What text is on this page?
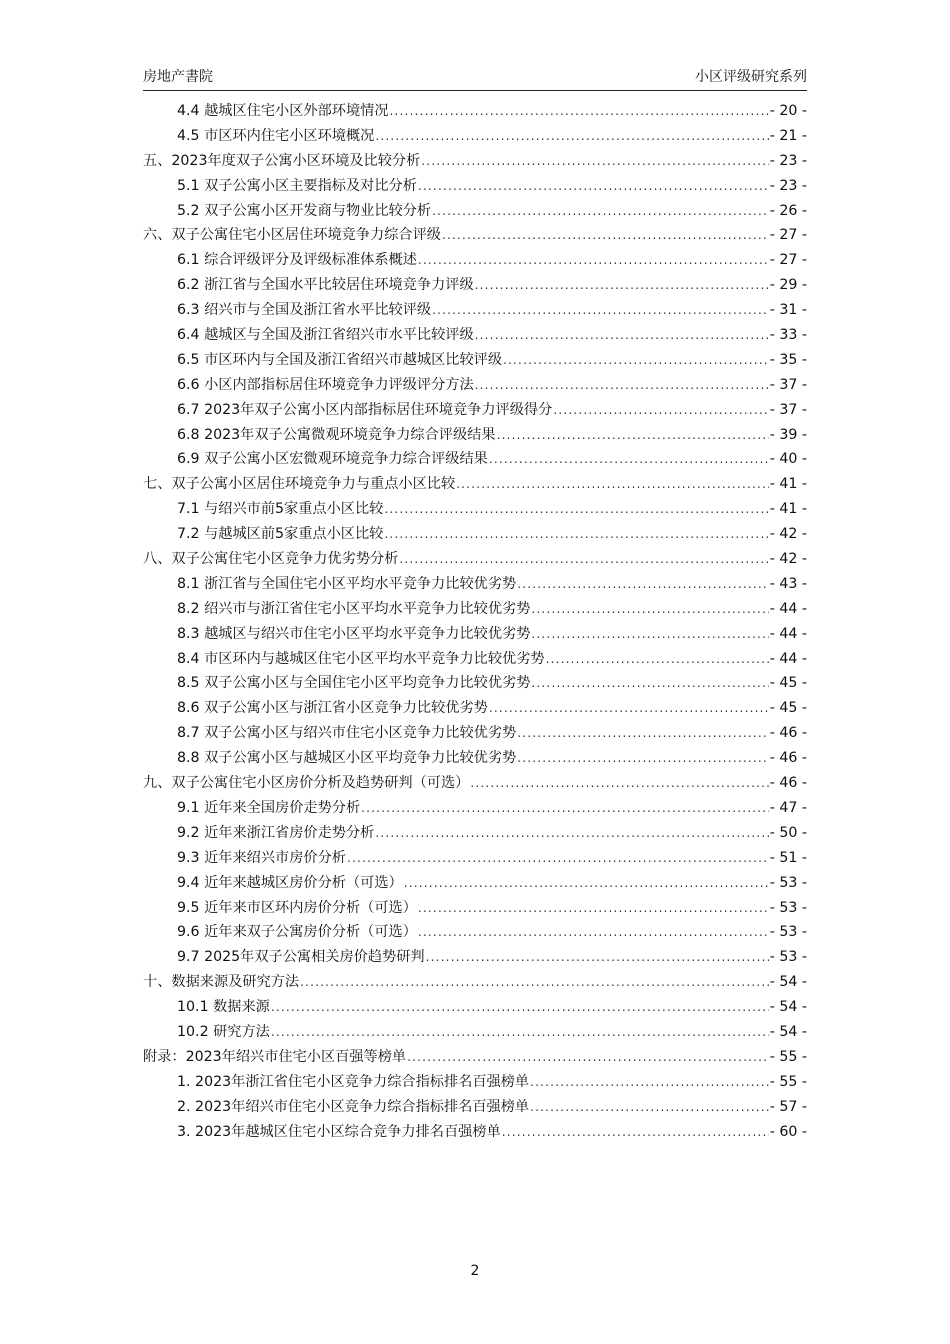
房地产書院	小区评级研究系列
4.4 越城区住宅小区外部环境情况 .....	- 20 -
4.5 市区环内住宅小区环境概况 .....	- 21 -
五、2023年度双子公寓小区环境及比较分析 .....	- 23 -
5.1 双子公寓小区主要指标及对比分析 .....	- 23 -
5.2 双子公寓小区开发商与物业比较分析 .....	- 26 -
六、双子公寓住宅小区居住环境竞争力综合评级 .....	- 27 -
6.1 综合评级评分及评级标准体系概述 .....	- 27 -
6.2 浙江省与全国水平比较居住环境竞争力评级 .....	- 29 -
6.3 绍兴市与全国及浙江省水平比较评级 .....	- 31 -
6.4 越城区与全国及浙江省绍兴市水平比较评级 .....	- 33 -
6.5 市区环内与全国及浙江省绍兴市越城区比较评级 .....	- 35 -
6.6 小区内部指标居住环境竞争力评级评分方法 .....	- 37 -
6.7 2023年双子公寓小区内部指标居住环境竞争力评级得分 .....	- 37 -
6.8 2023年双子公寓微观环境竞争力综合评级结果 .....	- 39 -
6.9 双子公寓小区宏微观环境竞争力综合评级结果 .....	- 40 -
七、双子公寓小区居住环境竞争力与重点小区比较 .....	- 41 -
7.1 与绍兴市前5家重点小区比较 .....	- 41 -
7.2 与越城区前5家重点小区比较 .....	- 42 -
八、双子公寓住宅小区竞争力优劣势分析 .....	- 42 -
8.1 浙江省与全国住宅小区平均水平竞争力比较优劣势 .....	- 43 -
8.2 绍兴市与浙江省住宅小区平均水平竞争力比较优劣势 .....	- 44 -
8.3 越城区与绍兴市住宅小区平均水平竞争力比较优劣势 .....	- 44 -
8.4 市区环内与越城区住宅小区平均水平竞争力比较优劣势 .....	- 44 -
8.5 双子公寓小区与全国住宅小区平均竞争力比较优劣势 .....	- 45 -
8.6 双子公寓小区与浙江省小区竞争力比较优劣势 .....	- 45 -
8.7 双子公寓小区与绍兴市住宅小区竞争力比较优劣势 .....	- 46 -
8.8 双子公寓小区与越城区小区平均竞争力比较优劣势 .....	- 46 -
九、双子公寓住宅小区房价分析及趋势研判（可选） .....	- 46 -
9.1 近年来全国房价走势分析 .....	- 47 -
9.2 近年来浙江省房价走势分析 .....	- 50 -
9.3 近年来绍兴市房价分析 .....	- 51 -
9.4 近年来越城区房价分析（可选） .....	- 53 -
9.5 近年来市区环内房价分析（可选） .....	- 53 -
9.6 近年来双子公寓房价分析（可选） .....	- 53 -
9.7 2025年双子公寓相关房价趋势研判 .....	- 53 -
十、数据来源及研究方法 .....	- 54 -
10.1 数据来源 .....	- 54 -
10.2 研究方法 .....	- 54 -
附录：2023年绍兴市住宅小区百强等榜单 .....	- 55 -
1. 2023年浙江省住宅小区竞争力综合指标排名百强榜单 .....	- 55 -
2. 2023年绍兴市住宅小区竞争力综合指标排名百强榜单 .....	- 57 -
3. 2023年越城区住宅小区综合竞争力排名百强榜单 .....	- 60 -
2
